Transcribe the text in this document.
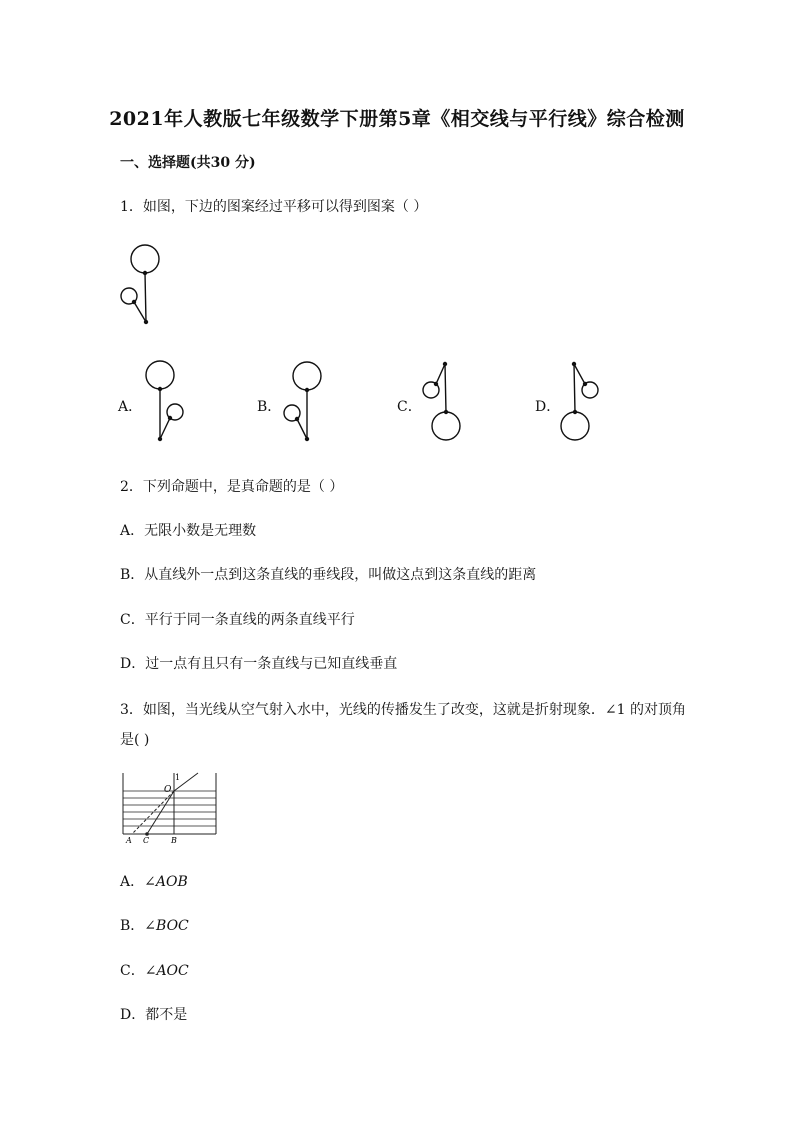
2021年人教版七年级数学下册第5章《相交线与平行线》综合检测
一、选择题(共30 分)
1．如图，下边的图案经过平移可以得到图案（ ）
A．	B．	C．	D．
2．下列命题中，是真命题的是（ ）
A．无限小数是无理数
B．从直线外一点到这条直线的垂线段，叫做这点到这条直线的距离
C．平行于同一条直线的两条直线平行
D．过一点有且只有一条直线与已知直线垂直
3．如图，当光线从空气射入水中，光线的传播发生了改变，这就是折射现象．∠1 的对顶角
是( )
1
O
A C	B
A．∠AOB
B．∠BOC
C．∠AOC
D．都不是
